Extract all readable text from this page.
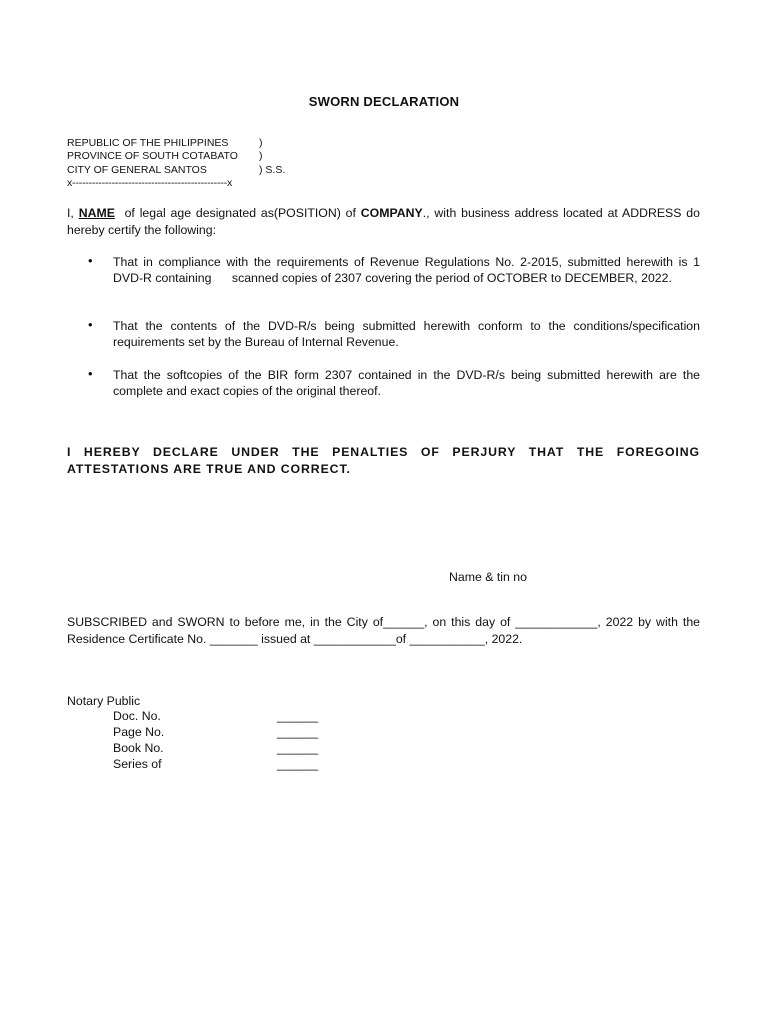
SWORN DECLARATION
REPUBLIC OF THE PHILIPPINES	)
PROVINCE OF SOUTH COTABATO )
CITY OF GENERAL SANTOS	) S.S.
x-----------------------------------------------x
I, NAME of legal age designated as(POSITION) of COMPANY., with business address located at ADDRESS do hereby certify the following:
• That in compliance with the requirements of Revenue Regulations No. 2-2015, submitted herewith is 1 DVD-R containing      scanned copies of 2307 covering the period of OCTOBER to DECEMBER, 2022.
• That the contents of the DVD-R/s being submitted herewith conform to the conditions/specification requirements set by the Bureau of Internal Revenue.
• That the softcopies of the BIR form 2307 contained in the DVD-R/s being submitted herewith are the complete and exact copies of the original thereof.
I HEREBY DECLARE UNDER THE PENALTIES OF PERJURY THAT THE FOREGOING
ATTESTATIONS ARE TRUE AND CORRECT.
Name & tin no
SUBSCRIBED and SWORN to before me, in the City of______, on this day of ____________, 2022 by with the Residence Certificate No. _______ issued at ____________of ___________, 2022.
Notary Public
Doc. No.	______
Page No.	______
Book No.	______
Series of	______
